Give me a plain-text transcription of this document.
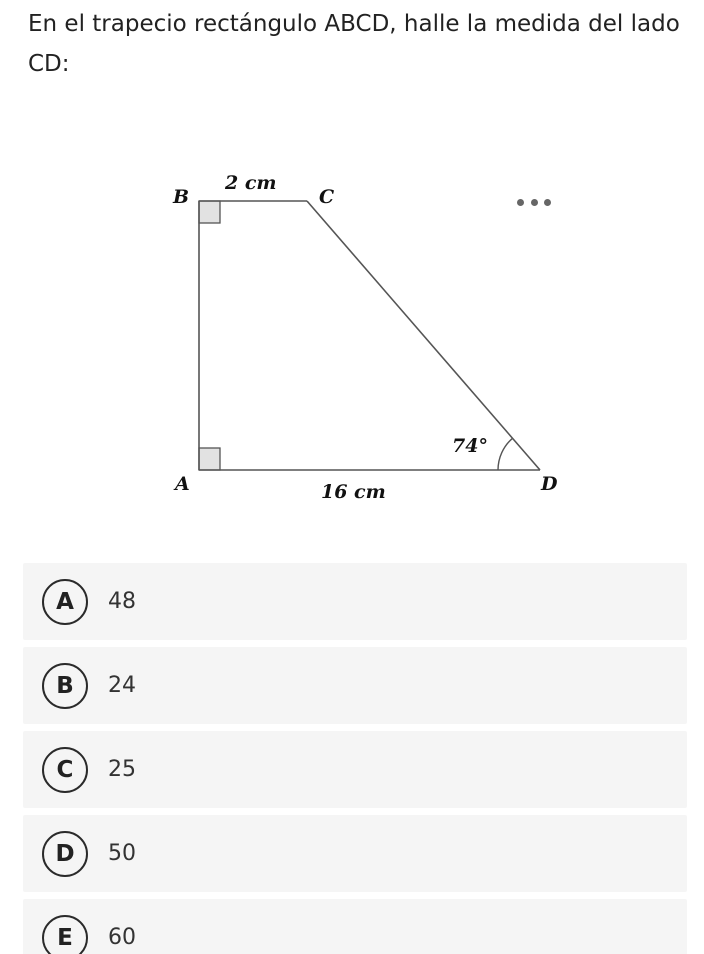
En el trapecio rectángulo ABCD, halle la medida del lado CD:
B	C
A	D
2 cm
16 cm
74°
A	48
B	24
C	25
D	50
E	60
